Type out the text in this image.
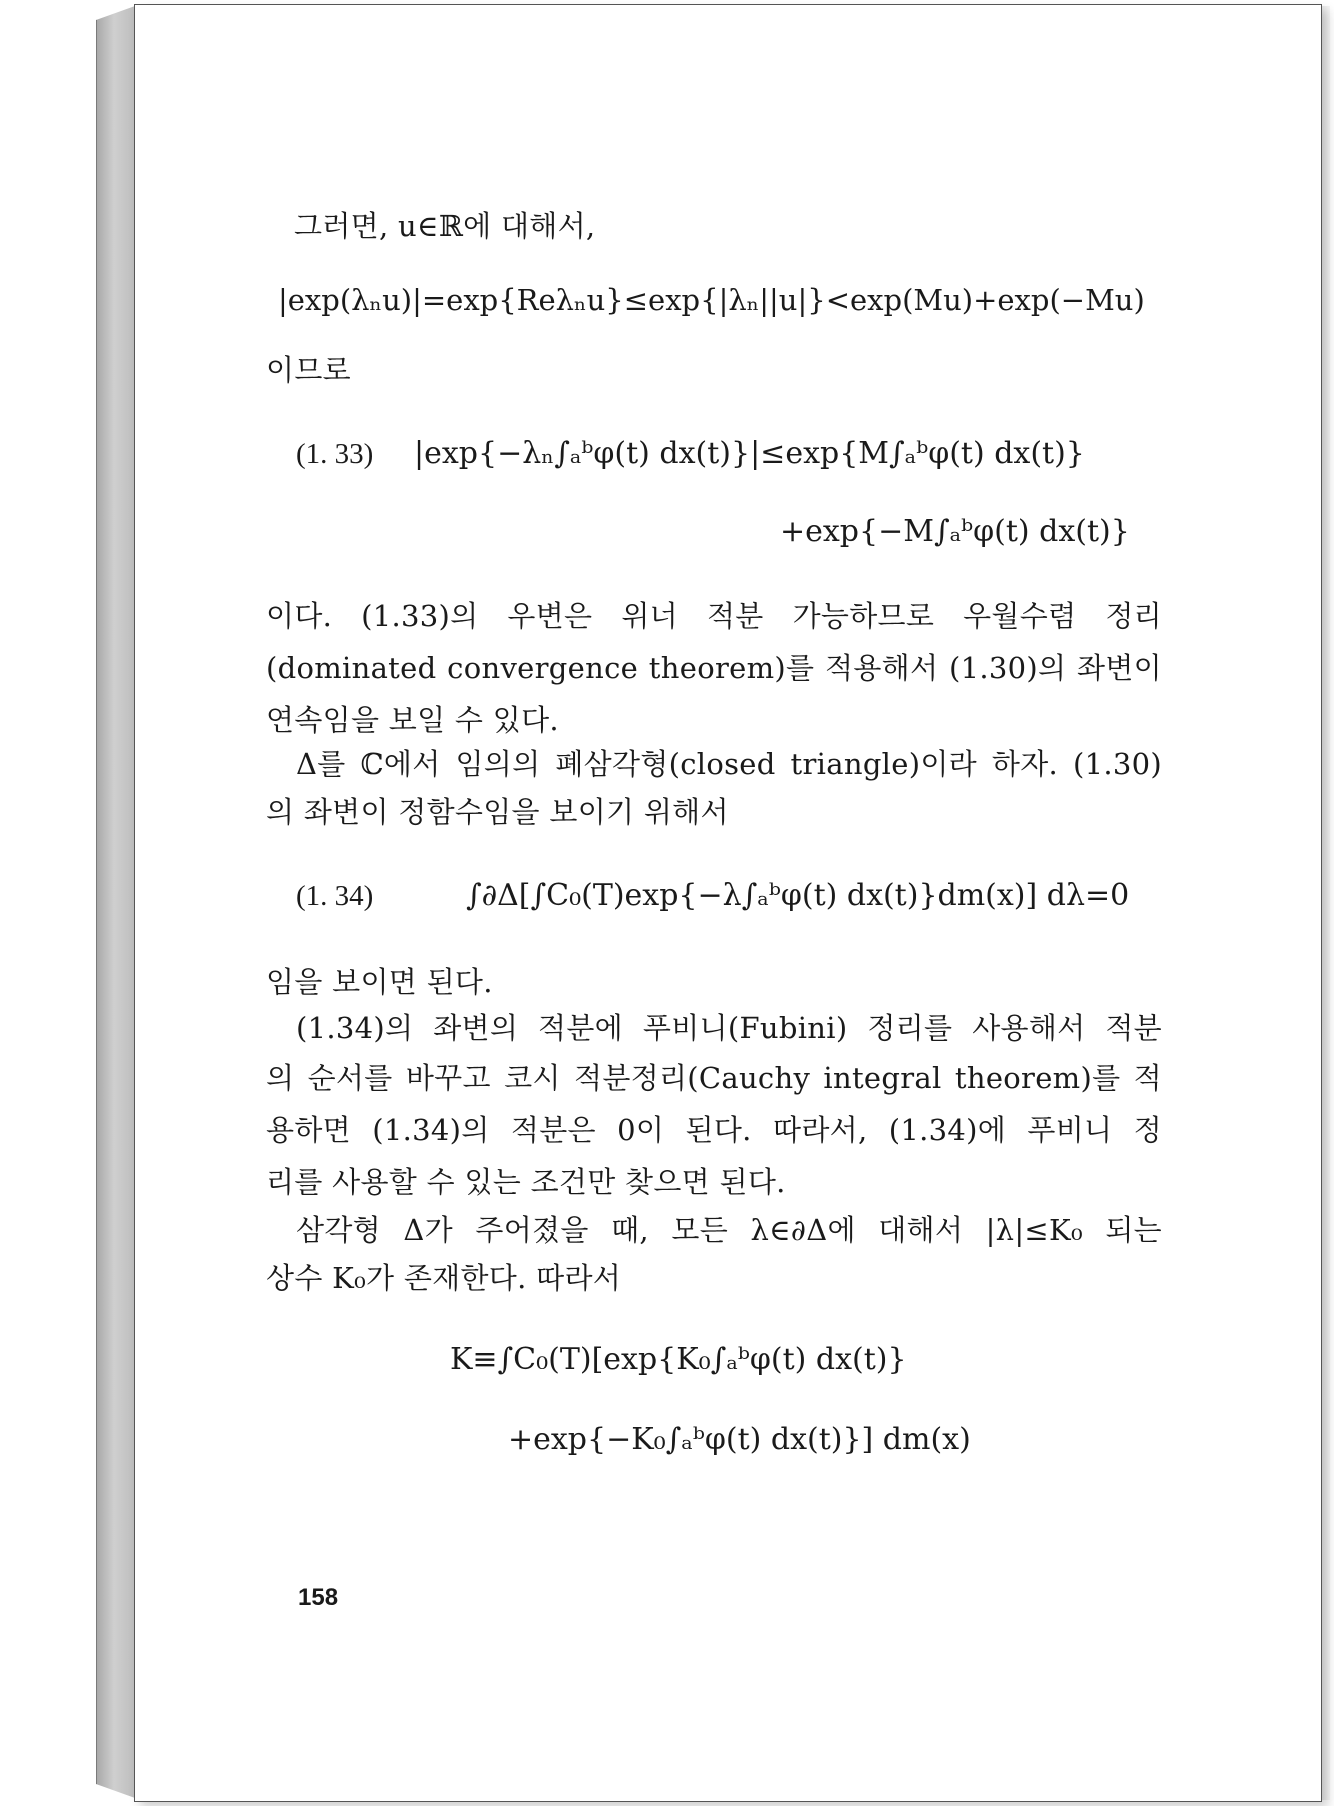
그러면, u∈ℝ에 대해서,
|exp(λₙu)|=exp{Reλₙu}≤exp{|λₙ||u|}<exp(Mu)+exp(−Mu)
이므로
(1. 33) |exp{−λₙ∫ₐᵇφ(t) dx(t)}|≤exp{M∫ₐᵇφ(t) dx(t)}
+exp{−M∫ₐᵇφ(t) dx(t)}
이다. (1.33)의 우변은 위너 적분 가능하므로 우월수렴 정리
(dominated convergence theorem)를 적용해서 (1.30)의 좌변이
연속임을 보일 수 있다.
Δ를 ℂ에서 임의의 폐삼각형(closed triangle)이라 하자. (1.30)
의 좌변이 정함수임을 보이기 위해서
(1. 34)	∫∂Δ[∫C₀(T)exp{−λ∫ₐᵇφ(t) dx(t)}dm(x)] dλ=0
임을 보이면 된다.
(1.34)의 좌변의 적분에 푸비니(Fubini) 정리를 사용해서 적분
의 순서를 바꾸고 코시 적분정리(Cauchy integral theorem)를 적
용하면 (1.34)의 적분은 0이 된다. 따라서, (1.34)에 푸비니 정
리를 사용할 수 있는 조건만 찾으면 된다.
삼각형 Δ가 주어졌을 때, 모든 λ∈∂Δ에 대해서 |λ|≤K₀ 되는
상수 K₀가 존재한다. 따라서
K≡∫C₀(T)[exp{K₀∫ₐᵇφ(t) dx(t)}
+exp{−K₀∫ₐᵇφ(t) dx(t)}] dm(x)
158
